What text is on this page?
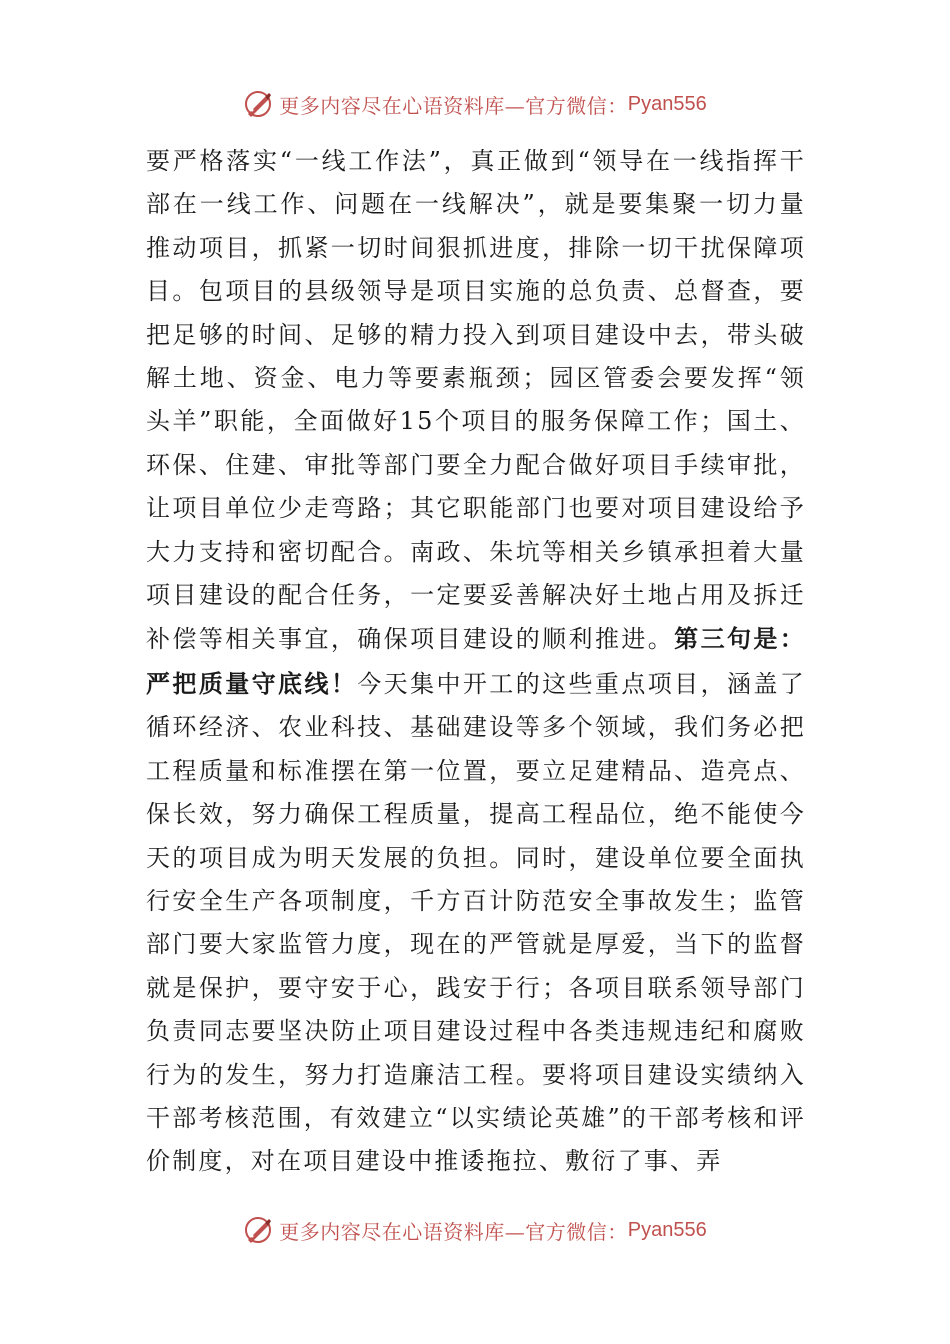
更多内容尽在心语资料库—官方微信： Pyan556

要严格落实“一线工作法”，真正做到“领导在一线指挥干部在一线工作、问题在一线解决”，就是要集聚一切力量推动项目，抓紧一切时间狠抓进度，排除一切干扰保障项目。包项目的县级领导是项目实施的总负责、总督查，要把足够的时间、足够的精力投入到项目建设中去，带头破解土地、资金、电力等要素瓶颈；园区管委会要发挥“领头羊”职能，全面做好15个项目的服务保障工作；国土、环保、住建、审批等部门要全力配合做好项目手续审批，让项目单位少走弯路；其它职能部门也要对项目建设给予大力支持和密切配合。南政、朱坑等相关乡镇承担着大量项目建设的配合任务，一定要妥善解决好土地占用及拆迁补偿等相关事宜，确保项目建设的顺利推进。第三句是：严把质量守底线！今天集中开工的这些重点项目，涵盖了循环经济、农业科技、基础建设等多个领域，我们务必把工程质量和标准摆在第一位置，要立足建精品、造亮点、保长效，努力确保工程质量，提高工程品位，绝不能使今天的项目成为明天发展的负担。同时，建设单位要全面执行安全生产各项制度，千方百计防范安全事故发生；监管部门要大家监管力度，现在的严管就是厚爱，当下的监督就是保护，要守安于心，践安于行；各项目联系领导部门负责同志要坚决防止项目建设过程中各类违规违纪和腐败行为的发生，努力打造廉洁工程。要将项目建设实绩纳入干部考核范围，有效建立“以实绩论英雄”的干部考核和评价制度，对在项目建设中推诿拖拉、敷衍了事、弄

更多内容尽在心语资料库—官方微信： Pyan556
